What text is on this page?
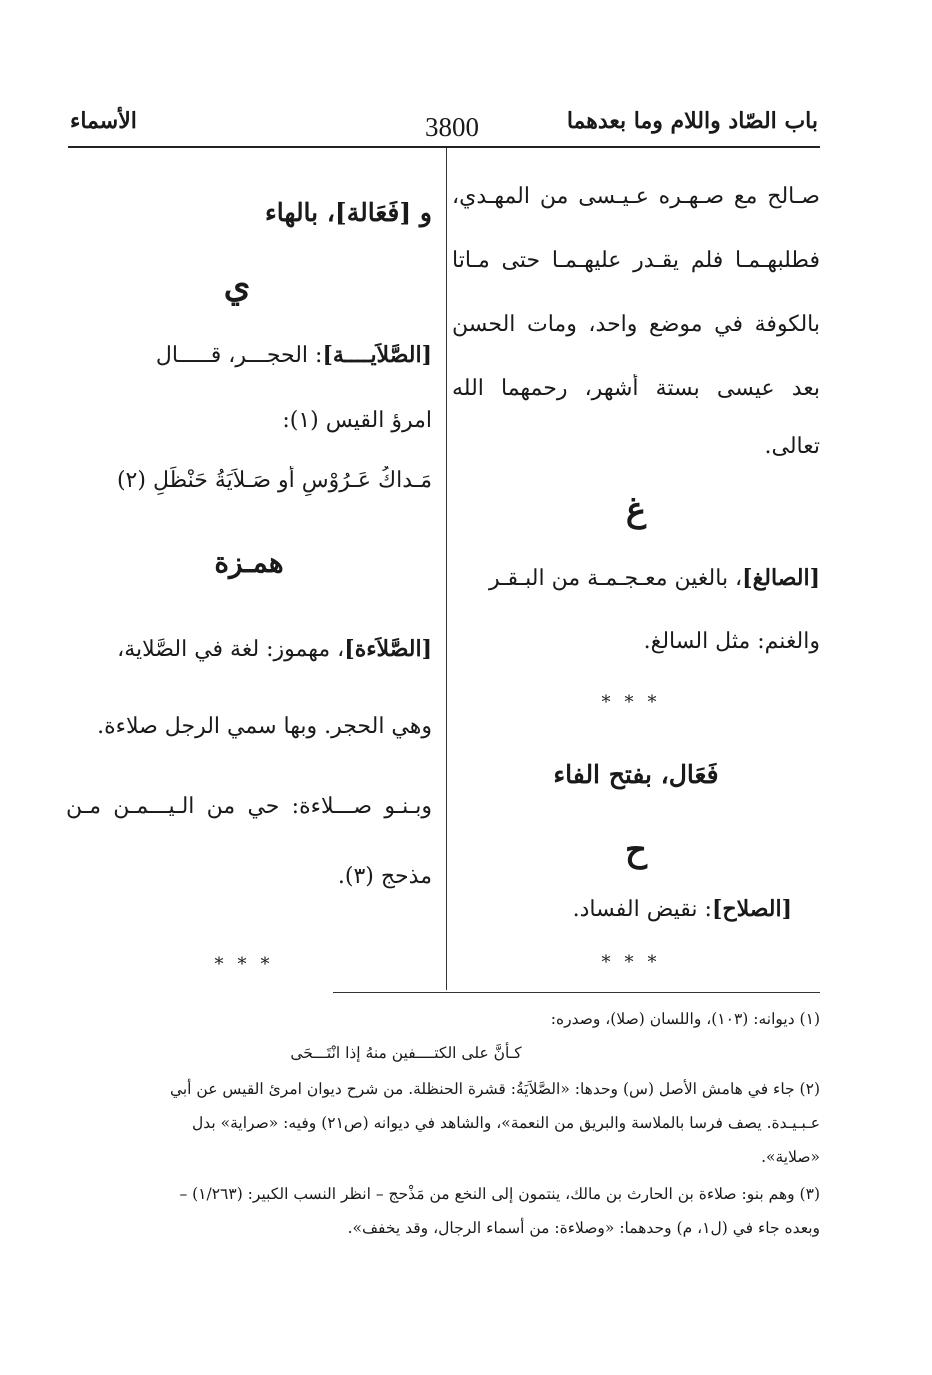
باب الصّاد واللام وما بعدهما
3800
الأسماء
صـالح مع صـهـره عـيـسى من المهـدي،
فطلبهـمـا فلم يقـدر عليهـمـا حتى مـاتا
بالكوفة في موضع واحد، ومات الحسن
بعد عيسى بستة أشهر، رحمهما الله
تعالى.
غ
[الصالغ]، بالغين معـجـمـة من البـقـر
والغنم: مثل السالغ.
***
فَعَال، بفتح الفاء
ح
[الصلاح]: نقيض الفساد.
***
و [فَعَالة]، بالهاء
ي
[الصَّلاَيــــة]: الحجـــر، قـــــال
امرؤ القيس (١):
مَـداكُ عَـرُوْسٍ أو صَـلاَيَةُ حَنْظَلِ (٢)
همـزة
[الصَّلاَءة]، مهموز: لغة في الصَّلاية،
وهي الحجر. وبها سمي الرجل صلاءة.
وبـنـو صـــلاءة: حي من الـيـــمـن مـن
مذحج (٣).
***
(١) ديوانه: (١٠٣)، واللسان (صلا)، وصدره:
كـأنَّ على الكتــــفين منهُ إذا انْتَـــحَى
(٢) جاء في هامش الأصل (س) وحدها: «الصَّلاَيَةُ: قشرة الحنظلة. من شرح ديوان امرئ القيس عن أبي
عـبـيـدة. يصف فرسا بالملاسة والبريق من النعمة»، والشاهد في ديوانه (ص٢١) وفيه: «صراية» بدل
«صلاية».
(٣) وهم بنو: صلاءة بن الحارث بن مالك، ينتمون إلى النخع من مَذْحج – انظر النسب الكبير: (١/٢٦٣) –
وبعده جاء في (ل١، م) وحدهما: «وصلاءة: من أسماء الرجال، وقد يخفف».
